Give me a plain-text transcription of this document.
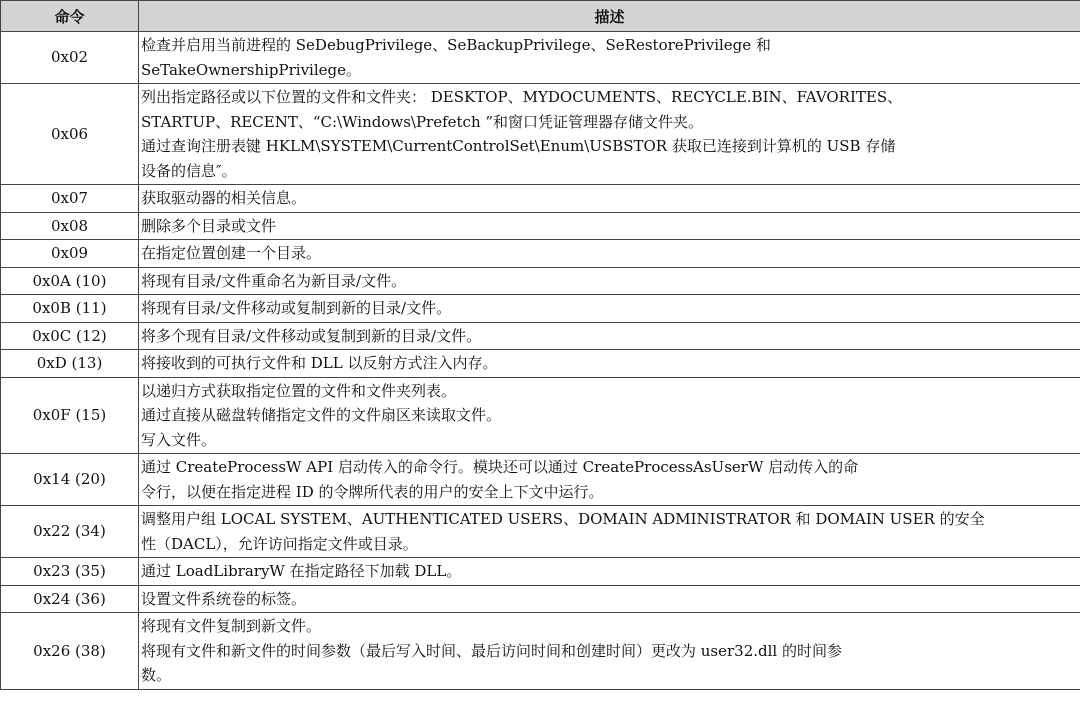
命令	描述
0x02	检查并启用当前进程的 SeDebugPrivilege、SeBackupPrivilege、SeRestorePrivilege 和
SeTakeOwnershipPrivilege。

0x06	列出指定路径或以下位置的文件和文件夹： DESKTOP、MYDOCUMENTS、RECYCLE.BIN、FAVORITES、
STARTUP、RECENT、“C:\Windows\Prefetch ”和窗口凭证管理器存储文件夹。
通过查询注册表键 HKLM\SYSTEM\CurrentControlSet\Enum\USBSTOR 获取已连接到计算机的 USB 存储
设备的信息″。

0x07	获取驱动器的相关信息。

0x08	删除多个目录或文件

0x09	在指定位置创建一个目录。

0x0A (10)	将现有目录/文件重命名为新目录/文件。

0x0B (11)	将现有目录/文件移动或复制到新的目录/文件。

0x0C (12)	将多个现有目录/文件移动或复制到新的目录/文件。

0xD (13)	将接收到的可执行文件和 DLL 以反射方式注入内存。

0x0F (15)	以递归方式获取指定位置的文件和文件夹列表。
通过直接从磁盘转储指定文件的文件扇区来读取文件。
写入文件。

0x14 (20)	通过 CreateProcessW API 启动传入的命令行。模块还可以通过 CreateProcessAsUserW 启动传入的命
令行，以便在指定进程 ID 的令牌所代表的用户的安全上下文中运行。

0x22 (34)	调整用户组 LOCAL SYSTEM、AUTHENTICATED USERS、DOMAIN ADMINISTRATOR 和 DOMAIN USER 的安全
性（DACL），允许访问指定文件或目录。

0x23 (35)	通过 LoadLibraryW 在指定路径下加载 DLL。

0x24 (36)	设置文件系统卷的标签。

0x26 (38)	将现有文件复制到新文件。
将现有文件和新文件的时间参数（最后写入时间、最后访问时间和创建时间）更改为 user32.dll 的时间参
数。
